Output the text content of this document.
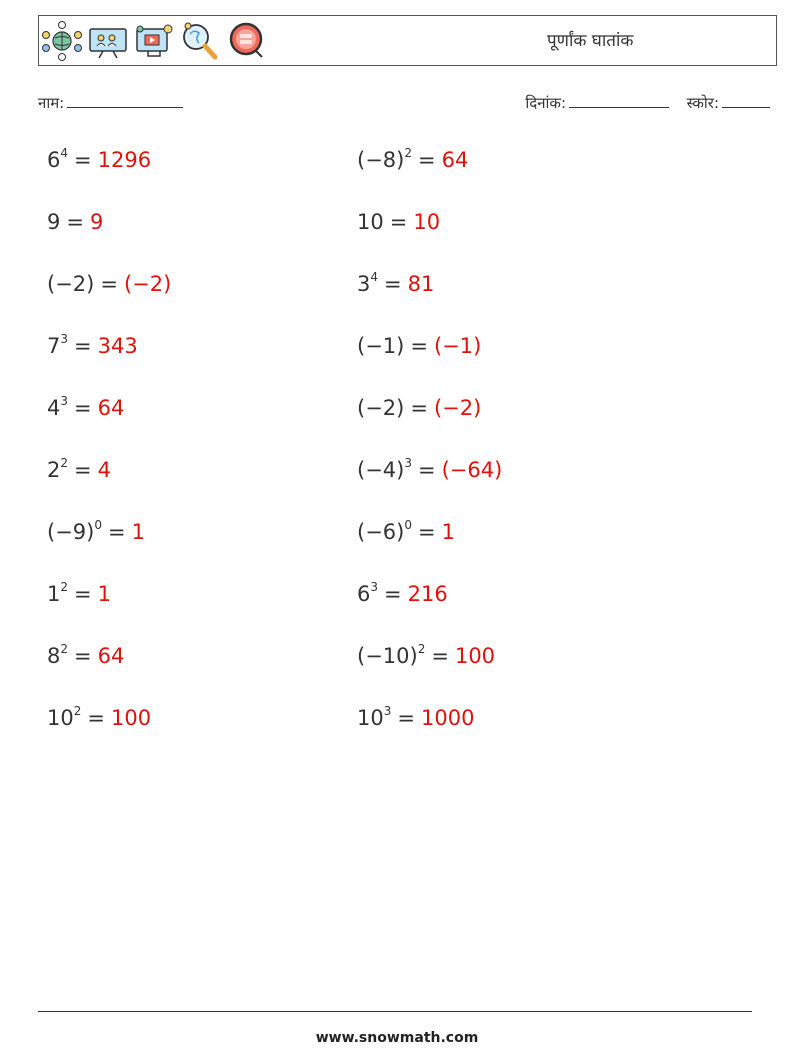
पूर्णांक घातांक
नाम:	दिनांक:	स्कोर:
$6^4 = 1296$	$(-8)^2 = 64$
9 = 9	10 = 10
(−2) = (−2)	$3^4 = 81$
$7^3 = 343$	(−1) = (−1)
$4^3 = 64$	(−2) = (−2)
$2^2 = 4$	$(-4)^3 = (-64)$
$(-9)^0 = 1$	$(-6)^0 = 1$
$1^2 = 1$	$6^3 = 216$
$8^2 = 64$	$(-10)^2 = 100$
$10^2 = 100$	$10^3 = 1000$
www.snowmath.com
